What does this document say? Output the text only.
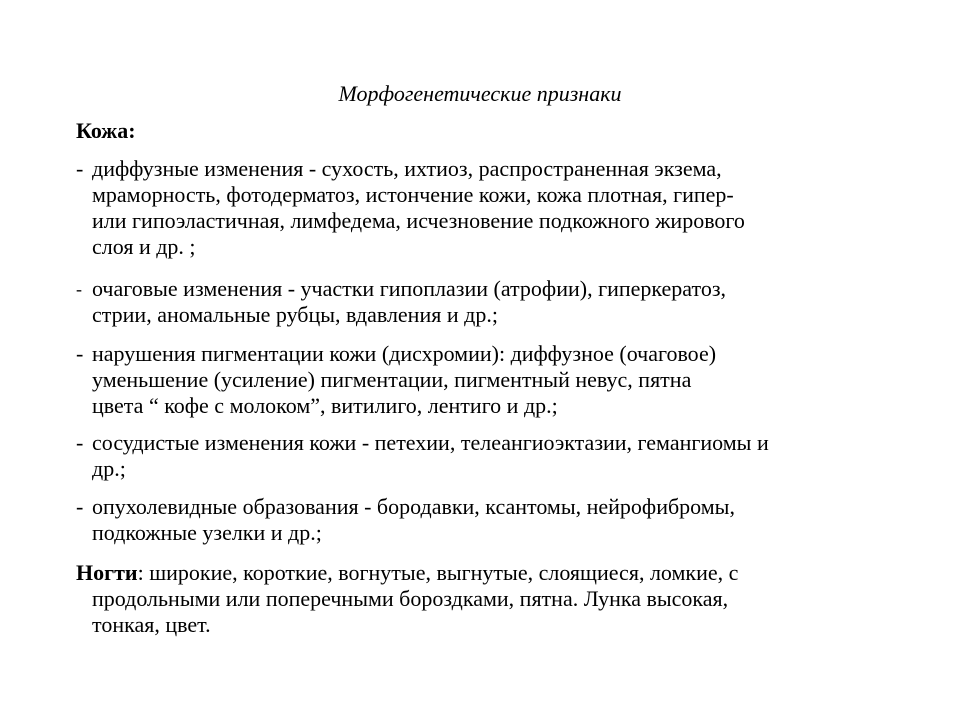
Морфогенетические признаки
Кожа:
- диффузные изменения - сухость, ихтиоз, распространенная экзема,
мраморность, фотодерматоз, истончение кожи, кожа плотная, гипер-
или гипоэластичная, лимфедема, исчезновение подкожного жирового
слоя и др. ;
- очаговые изменения - участки гипоплазии (атрофии), гиперкератоз,
стрии, аномальные рубцы, вдавления и др.;
- нарушения пигментации кожи (дисхромии): диффузное (очаговое)
уменьшение (усиление) пигментации, пигментный невус, пятна
цвета “ кофе с молоком”, витилиго, лентиго и др.;
- сосудистые изменения кожи - петехии, телеангиоэктазии, гемангиомы и
др.;
- опухолевидные образования - бородавки, ксантомы, нейрофибромы,
подкожные узелки и др.;
Ногти: широкие, короткие, вогнутые, выгнутые, слоящиеся, ломкие, с
продольными или поперечными бороздками, пятна. Лунка высокая,
тонкая, цвет.
